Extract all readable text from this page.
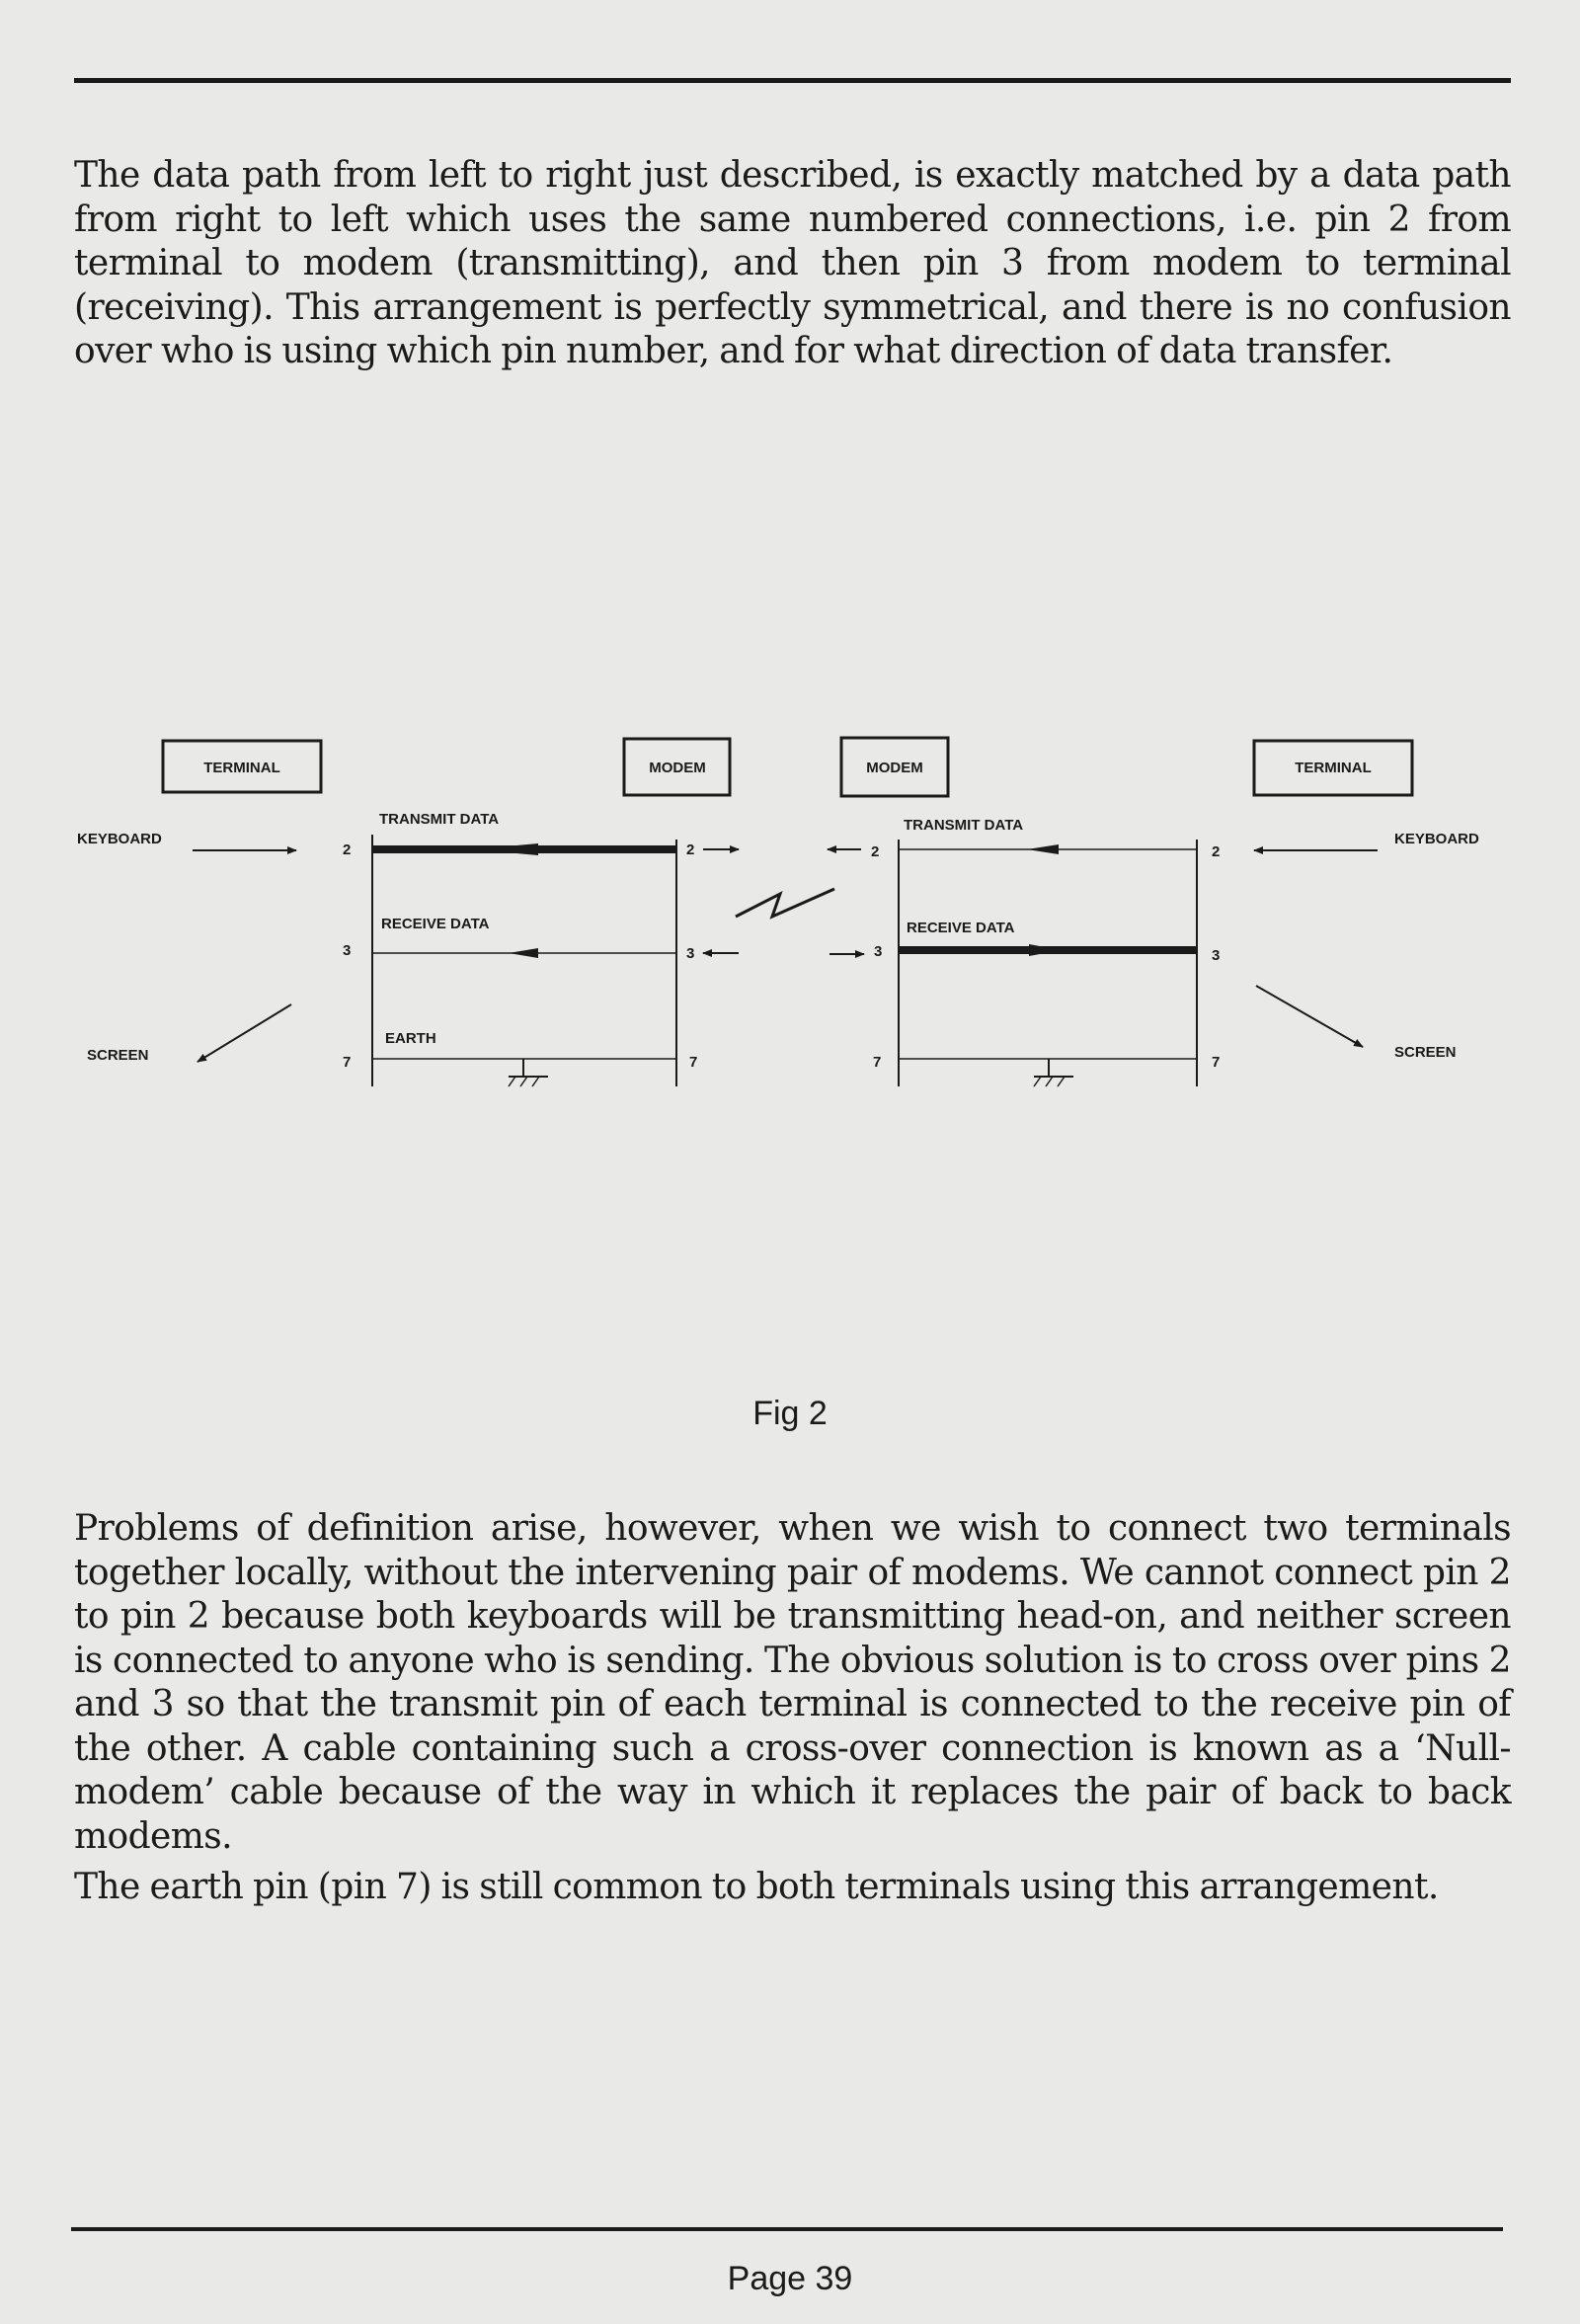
The data path from left to right just described, is exactly matched by a data path from right to left which uses the same numbered connections, i.e. pin 2 from terminal to modem (transmitting), and then pin 3 from modem to terminal (receiving). This arrangement is perfectly symmetrical, and there is no confusion over who is using which pin number, and for what direction of data transfer.

TERMINAL	MODEM
KEYBOARD
SCREEN
TRANSMIT DATA
RECEIVE DATA
EARTH
2
3
7
2
3
7
MODEM	TERMINAL
KEYBOARD
SCREEN
TRANSMIT DATA
RECEIVE DATA
2
3
7
2
3
7
Fig 2

Problems of definition arise, however, when we wish to connect two terminals together locally, without the intervening pair of modems. We cannot connect pin 2 to pin 2 because both keyboards will be transmitting head-on, and neither screen is connected to anyone who is sending. The obvious solution is to cross over pins 2 and 3 so that the transmit pin of each terminal is connected to the receive pin of the other. A cable containing such a cross-over connection is known as a ‘Null-modem’ cable because of the way in which it replaces the pair of back to back modems.

The earth pin (pin 7) is still common to both terminals using this arrangement.

Page 39
